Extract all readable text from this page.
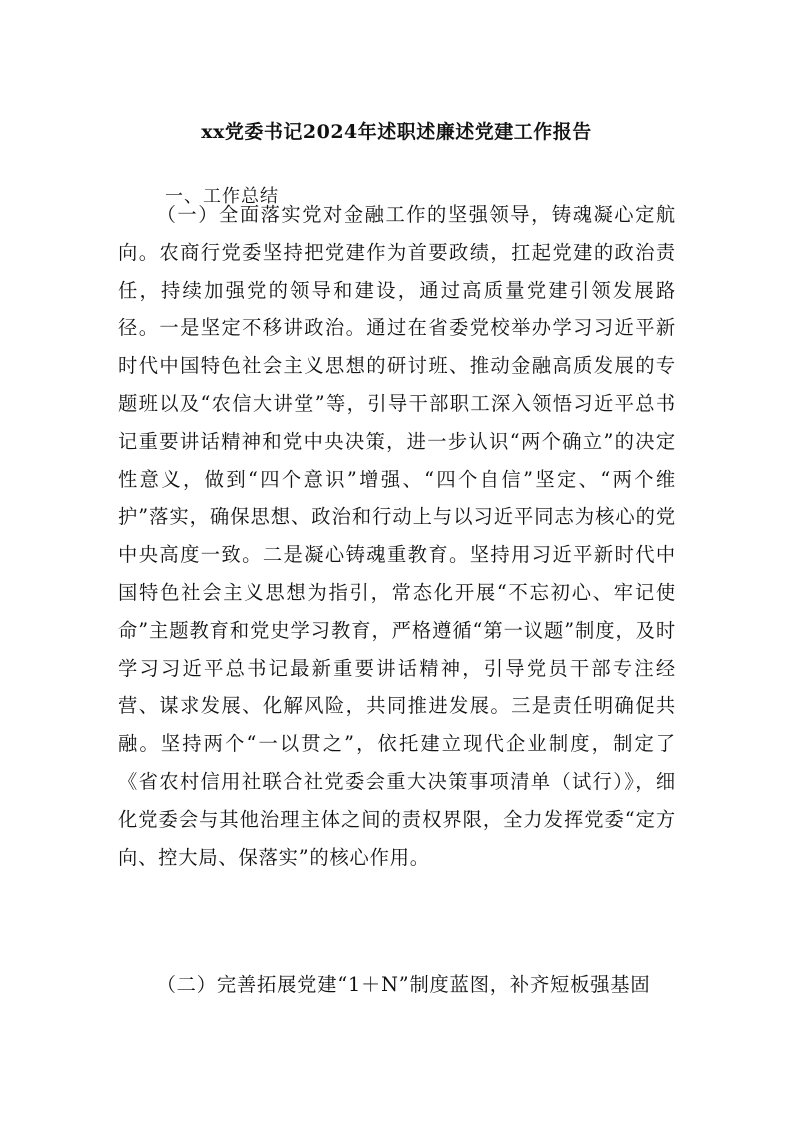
xx党委书记2024年述职述廉述党建工作报告
一、工作总结

（一）全面落实党对金融工作的坚强领导，铸魂凝心定航向。农商行党委坚持把党建作为首要政绩，扛起党建的政治责任，持续加强党的领导和建设，通过高质量党建引领发展路径。一是坚定不移讲政治。通过在省委党校举办学习习近平新时代中国特色社会主义思想的研讨班、推动金融高质发展的专题班以及“农信大讲堂”等，引导干部职工深入领悟习近平总书记重要讲话精神和党中央决策，进一步认识“两个确立”的决定性意义，做到“四个意识”增强、“四个自信”坚定、“两个维护”落实，确保思想、政治和行动上与以习近平同志为核心的党中央高度一致。二是凝心铸魂重教育。坚持用习近平新时代中国特色社会主义思想为指引，常态化开展“不忘初心、牢记使命”主题教育和党史学习教育，严格遵循“第一议题”制度，及时学习习近平总书记最新重要讲话精神，引导党员干部专注经营、谋求发展、化解风险，共同推进发展。三是责任明确促共融。坚持两个“一以贯之”，依托建立现代企业制度，制定了《省农村信用社联合社党委会重大决策事项清单（试行）》，细化党委会与其他治理主体之间的责权界限，全力发挥党委“定方向、控大局、保落实”的核心作用。

（二）完善拓展党建“1＋N”制度蓝图，补齐短板强基固
